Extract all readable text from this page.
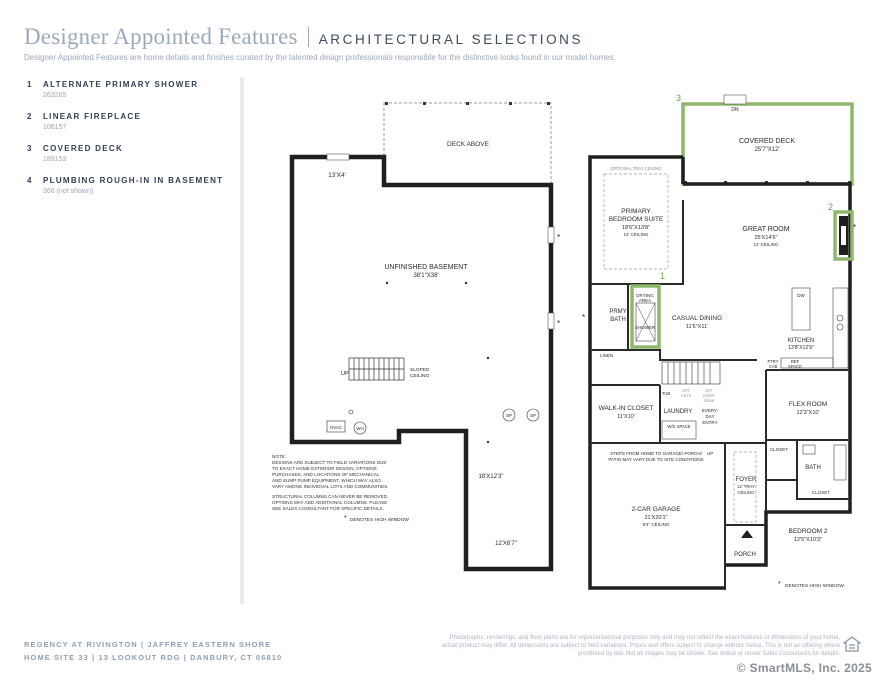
Designer Appointed Features ARCHITECTURAL SELECTIONS
Designer Appointed Features are home details and finishes curated by the talented design professionals responsible for the distinctive looks found in our model homes.
1 ALTERNATE PRIMARY SHOWER
263285
2 LINEAR FIREPLACE
106157
3 COVERED DECK
189153
4 PLUMBING ROUGH-IN IN BASEMENT
366 (not shown)
DECK ABOVE
*
*
13'X4'
UNFINISHED BASEMENT
38'1"X38'
UP
SLOPED
CEILING
HVAC	WH
SP	SP
18'X12'3"
12'X6'7"
NOTE:
DESIGNS ARE SUBJECT TO FIELD VARIATIONS DUE
TO EXACT HOME EXTERIOR DESIGN, OPTIONS
PURCHASED, AND LOCATIONS OF MECHANICAL
AND SUMP PUMP EQUIPMENT, WHICH MAY ALSO
VARY AMONG INDIVIDUAL LOTS AND COMMUNITIES.
STRUCTURAL COLUMNS CAN NEVER BE REMOVED.
OPTIONS MAY ADD ADDITIONAL COLUMNS. PLEASE
SEE SALES CONSULTANT FOR SPECIFIC DETAILS.
* DENOTES HIGH WINDOW
DN
3
COVERED DECK
25'7"X12'
OPTIONAL TRAY CEILING
PRIMARY
BEDROOM SUITE
18'6"X13'8"
12' CEILING
2
GREAT ROOM
25'X14'6"
12' CEILING
1
DRYING
AREA
SHOWER
PRMY
BATH
LINEN
*	CASUAL DINING
11'6"X11'
DW
KITCHEN
13'8"X12'9"
PTRY
CAB
REF
SPACE
TUB
OPT
CATS
OPT
DROP
ZONE
WALK-IN CLOSET
11'X10'
LAUNDRY EVERY-
DAY
ENTRY
W/D SPACE
UP
FLEX ROOM
12'3"X10'
CLOSET
BATH
CLOSET
STEPS FROM HOME TO GARAGE/ PORCH/
PATIO MAY VARY DUE TO SITE CONDITIONS
2-CAR GARAGE
21'X20'1"
9'4" CEILING
FOYER
12' TRAY
CEILING
PORCH
BEDROOM 2
12'5"X10'3"
*
* DENOTES HIGH WINDOW
REGENCY AT RIVINGTON | JAFFREY EASTERN SHORE
HOME SITE 33 | 13 LOOKOUT RDG | DANBURY, CT 06810
Photographs, renderings, and floor plans are for representational purposes only and may not reflect the exact features or dimensions of your home, actual product may differ. All dimensions are subject to field variations. Prices and offers subject to change without notice. This is not an offering where prohibited by law. Not all images may be shown. See online or onsite Sales Consultants for details.
© SmartMLS, Inc. 2025
